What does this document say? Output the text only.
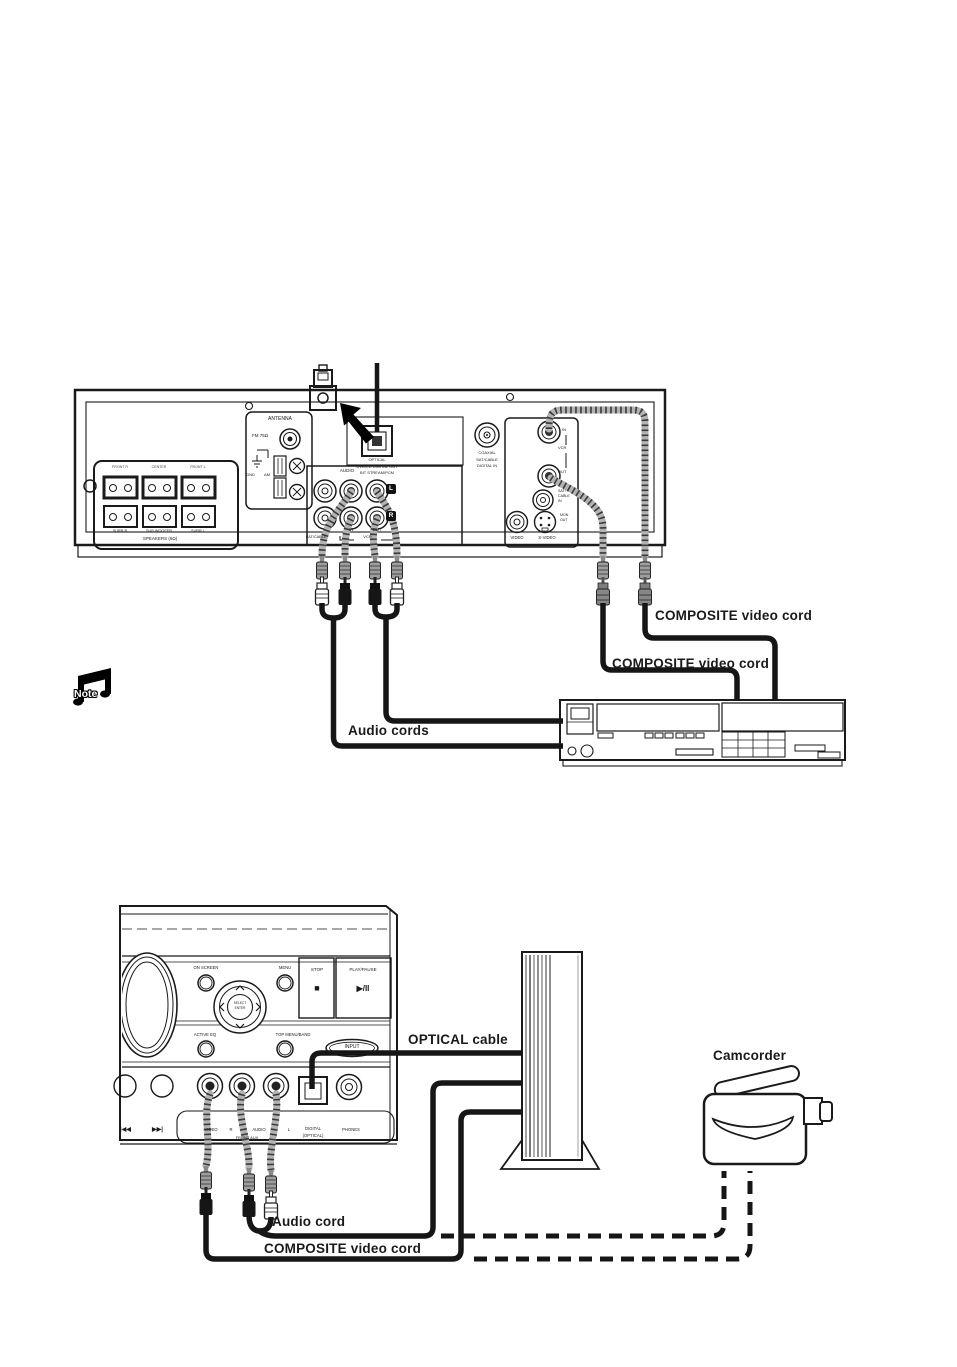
ANTENNA
FM 75Ω
GND AM
FRONT R	CENTER	FRONT L
SURR R	SUB WOOFER	SURR L
SPEAKERS (6Ω)
OPTICAL
DVD/CD DIGITAL OUT
BIT STREAM/PCM
COAXIAL
SAT/CABLE
DIGITAL IN
AUDIO
L
R
IN	OUT
VCR
SAT/CABLE
IN
VCR
OUT
SAT/
CABLE
IN
MON
OUT
VIDEO	S-VIDEO
COMPOSITE video cord
COMPOSITE video cord
Audio cords
Note
ON SCREEN	MENU	STOP	PLAY/PAUSE
■	▶/II
SELECT
ENTER
ACTIVE EQ	TOP MENU/BAND
INPUT
|◀◀	▶▶|	VIDEO	R	AUDIO	L	DIGITAL
(OPTICAL)
PHONES
FRONT AUX
OPTICAL cable
Audio cord
COMPOSITE video cord
Camcorder
